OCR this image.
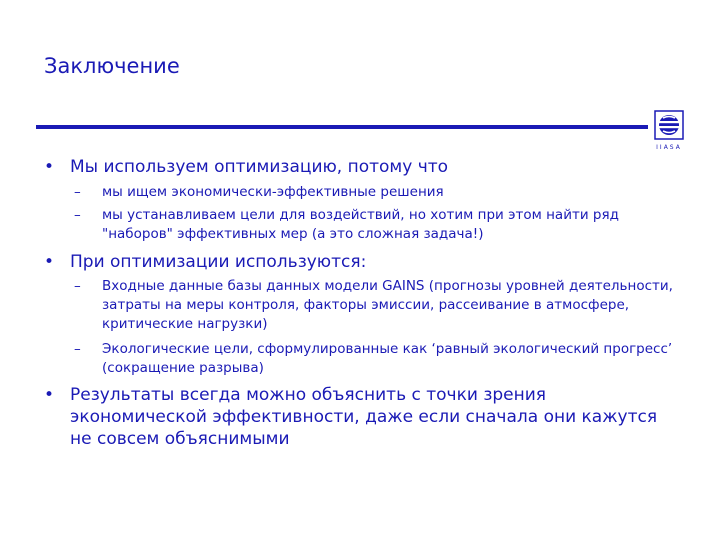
Заключение
IIASA
• Мы используем оптимизацию, потому что
– мы ищем экономически-эффективные решения
– мы устанавливаем цели для воздействий, но хотим при этом найти ряд "наборов" эффективных мер (а это сложная задача!)
• При оптимизации используются:
– Входные данные базы данных модели GAINS (прогнозы уровней деятельности, затраты на меры контроля, факторы эмиссии, рассеивание в атмосфере, критические нагрузки)
– Экологические цели, сформулированные как ‘равный экологический прогресс’ (сокращение разрыва)
• Результаты всегда можно объяснить с точки зрения экономической эффективности, даже если сначала они кажутся не совсем объяснимыми
